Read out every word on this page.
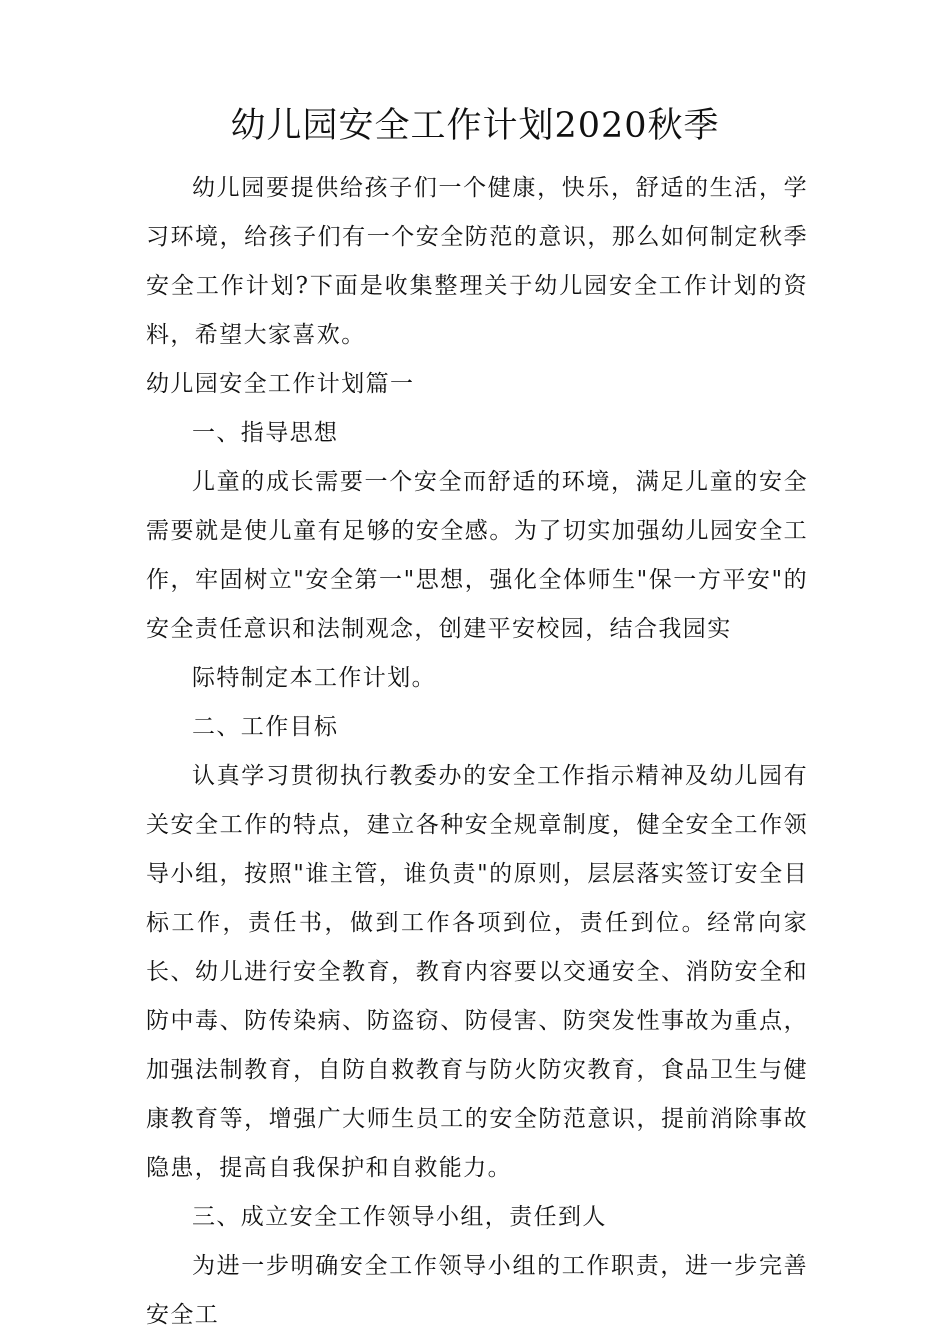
幼儿园安全工作计划2020秋季

幼儿园要提供给孩子们一个健康，快乐，舒适的生活，学习环境，给孩子们有一个安全防范的意识，那么如何制定秋季安全工作计划?下面是收集整理关于幼儿园安全工作计划的资料，希望大家喜欢。

幼儿园安全工作计划篇一

一、指导思想

儿童的成长需要一个安全而舒适的环境，满足儿童的安全需要就是使儿童有足够的安全感。为了切实加强幼儿园安全工作，牢固树立"安全第一"思想，强化全体师生"保一方平安"的安全责任意识和法制观念，创建平安校园，结合我园实

际特制定本工作计划。

二、工作目标

认真学习贯彻执行教委办的安全工作指示精神及幼儿园有关安全工作的特点，建立各种安全规章制度，健全安全工作领导小组，按照"谁主管，谁负责"的原则，层层落实签订安全目标工作，责任书，做到工作各项到位，责任到位。经常向家长、幼儿进行安全教育，教育内容要以交通安全、消防安全和防中毒、防传染病、防盗窃、防侵害、防突发性事故为重点，加强法制教育，自防自救教育与防火防灾教育，食品卫生与健康教育等，增强广大师生员工的安全防范意识，提前消除事故隐患，提高自我保护和自救能力。

三、成立安全工作领导小组，责任到人

为进一步明确安全工作领导小组的工作职责，进一步完善安全工
